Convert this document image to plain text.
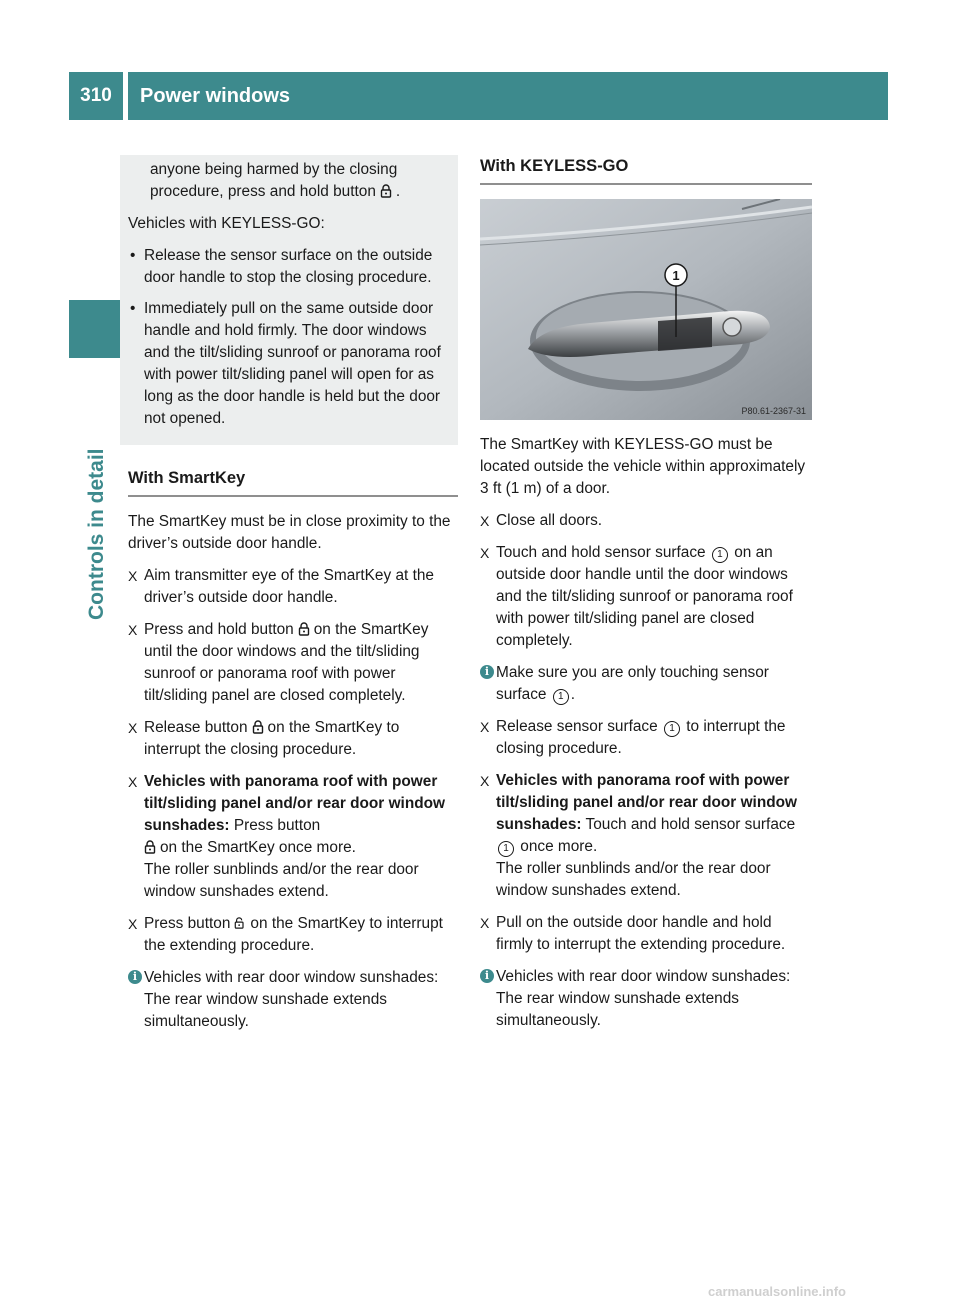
310	Power windows
Controls in detail

anyone being harmed by the closing procedure, press and hold button .

Vehicles with KEYLESS-GO:

• Release the sensor surface on the outside door handle to stop the closing procedure.
• Immediately pull on the same outside door handle and hold firmly. The door windows and the tilt/sliding sunroof or panorama roof with power tilt/sliding panel will open for as long as the door handle is held but the door not opened.
With SmartKey

The SmartKey must be in close proximity to the driver’s outside door handle.

X Aim transmitter eye of the SmartKey at the driver’s outside door handle.
X Press and hold button on the SmartKey until the door windows and the tilt/sliding sunroof or panorama roof with power tilt/sliding panel are closed completely.
X Release button on the SmartKey to interrupt the closing procedure.
X Vehicles with panorama roof with power tilt/sliding panel and/or rear door window sunshades: Press button
on the SmartKey once more.
The roller sunblinds and/or the rear door window sunshades extend.
X Press button on the SmartKey to interrupt the extending procedure.
i Vehicles with rear door window sunshades: The rear window sunshade extends simultaneously.
With KEYLESS-GO
1
P80.61-2367-31

The SmartKey with KEYLESS-GO must be located outside the vehicle within approximately 3 ft (1 m) of a door.

X Close all doors.
X Touch and hold sensor surface 1 on an outside door handle until the door windows and the tilt/sliding sunroof or panorama roof with power tilt/sliding panel are closed completely.
i Make sure you are only touching sensor surface 1 .
X Release sensor surface 1 to interrupt the closing procedure.
X Vehicles with panorama roof with power tilt/sliding panel and/or rear door window sunshades: Touch and hold sensor surface 1 once more.
The roller sunblinds and/or the rear door window sunshades extend.
X Pull on the outside door handle and hold firmly to interrupt the extending procedure.
i Vehicles with rear door window sunshades: The rear window sunshade extends simultaneously.
carmanualsonline.info
